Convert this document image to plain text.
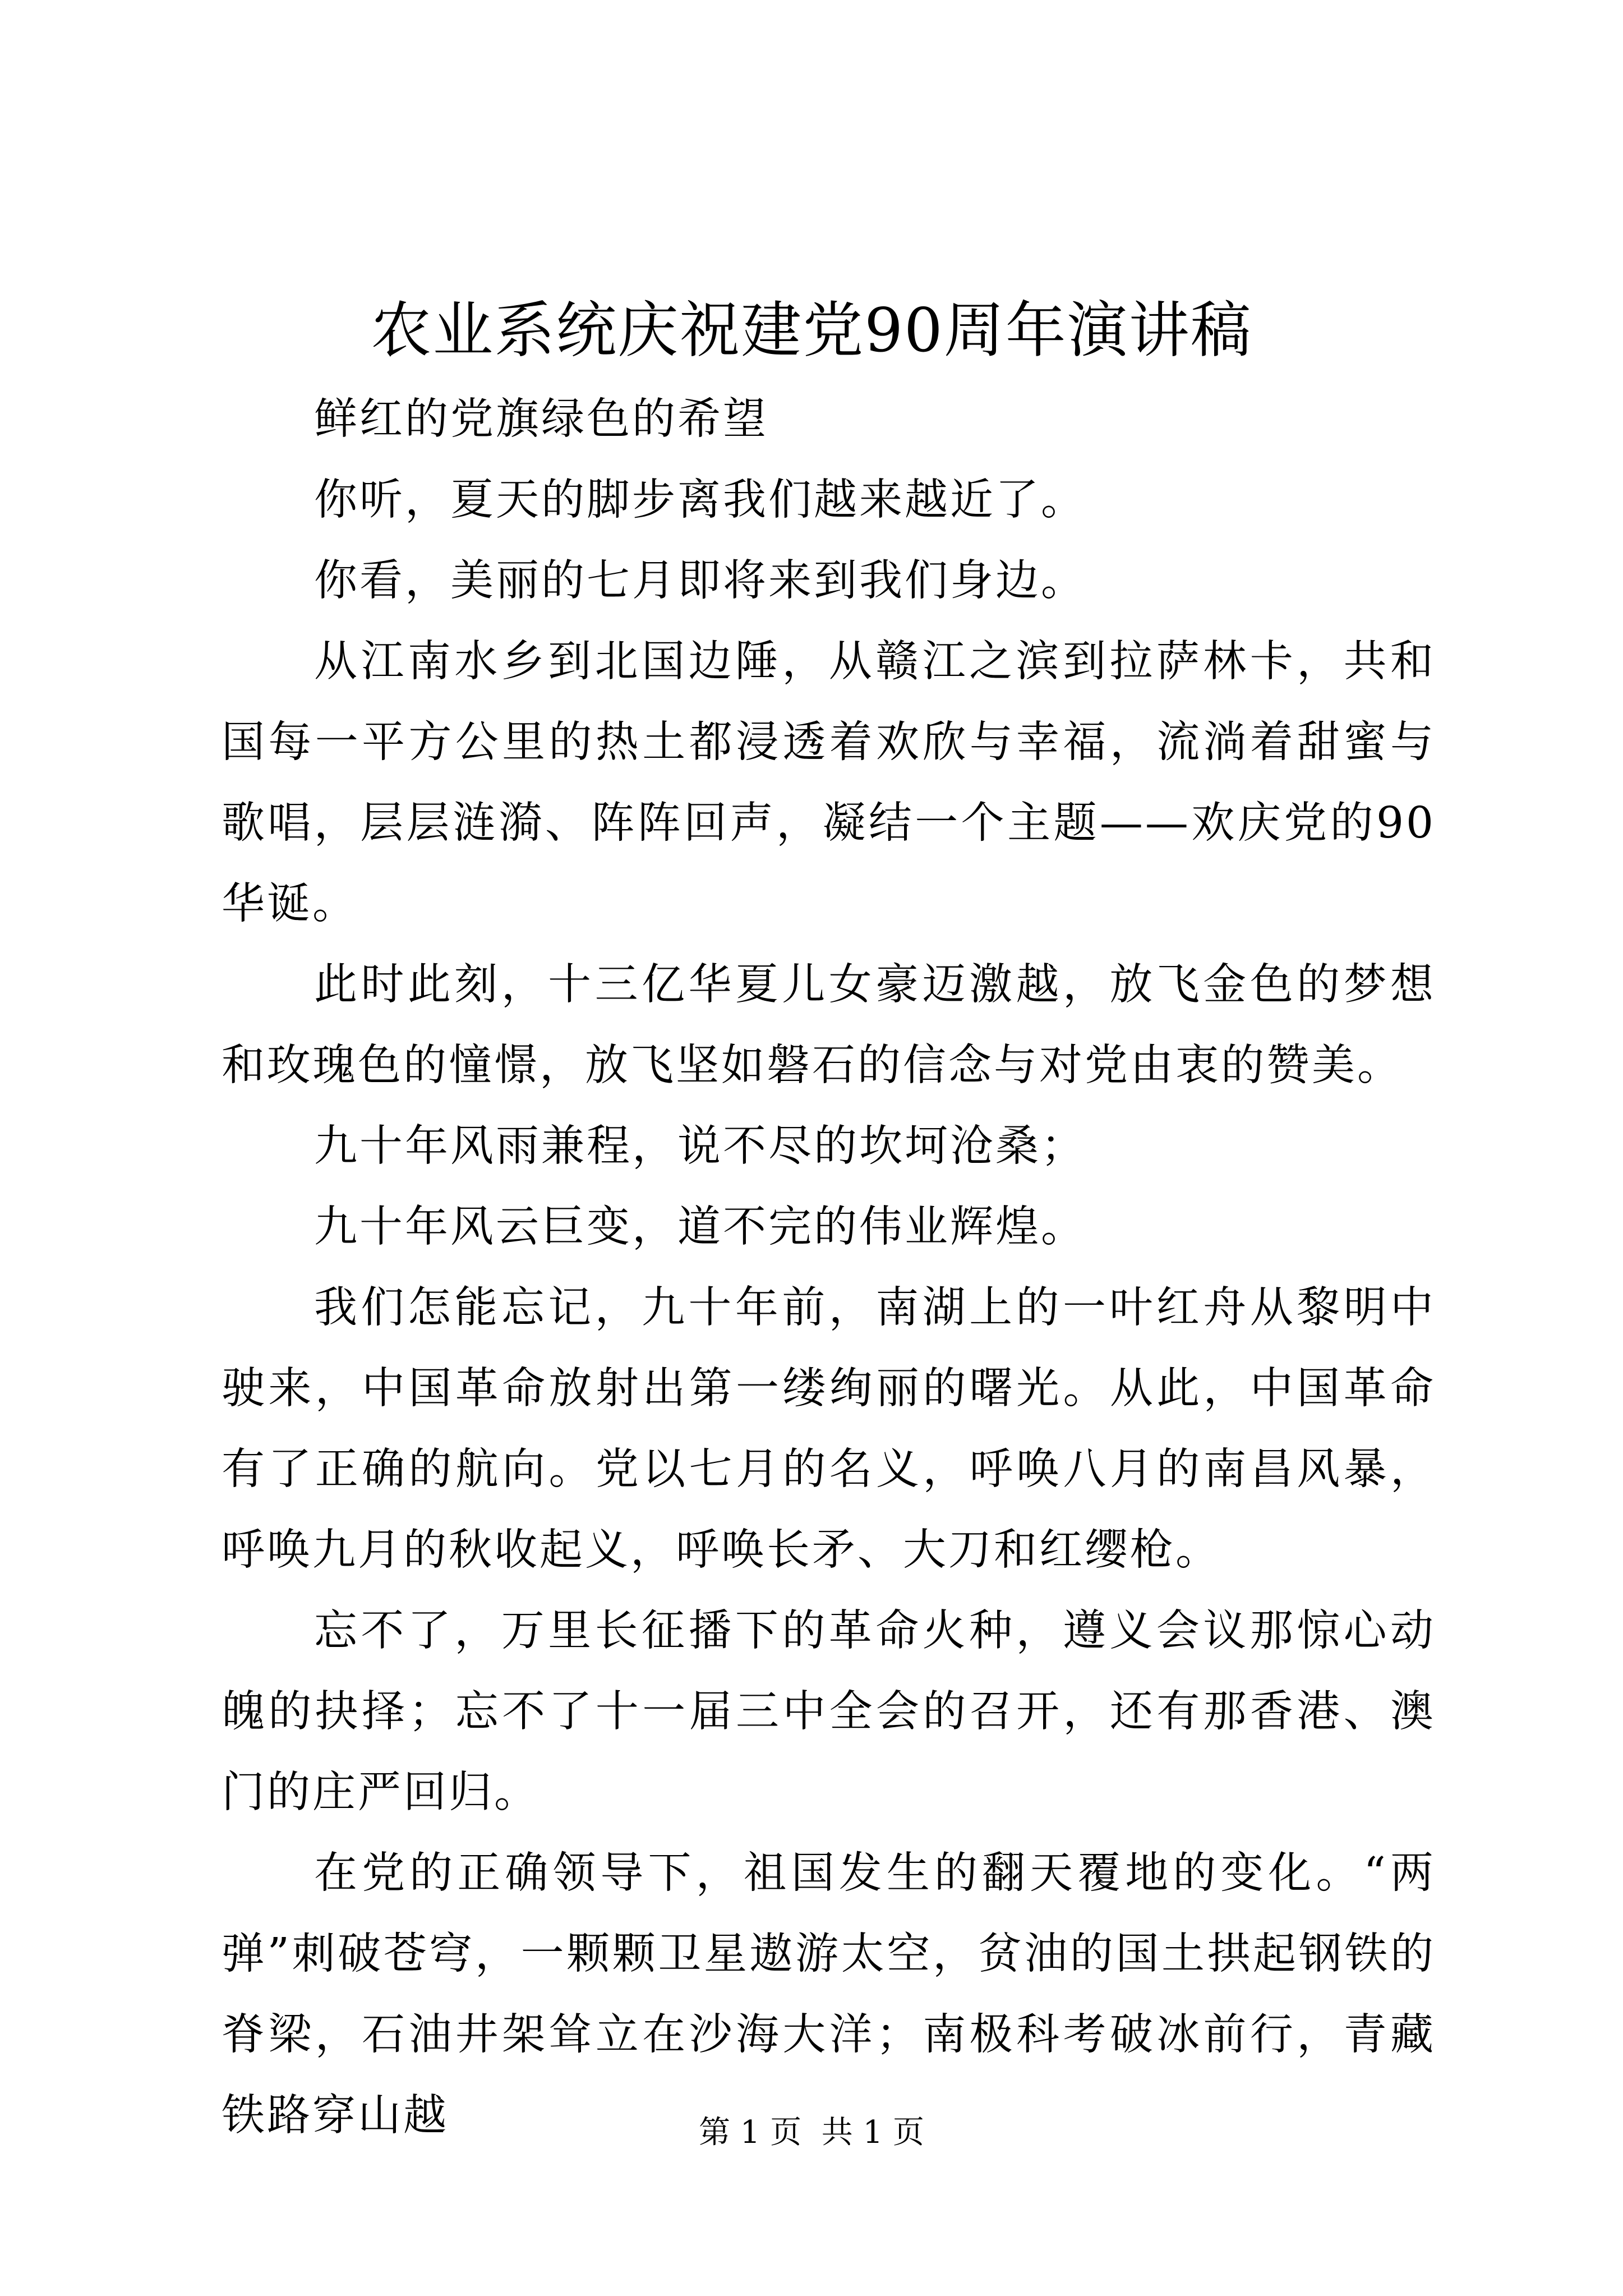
农业系统庆祝建党90周年演讲稿

鲜红的党旗绿色的希望

你听，夏天的脚步离我们越来越近了。

你看，美丽的七月即将来到我们身边。

从江南水乡到北国边陲，从赣江之滨到拉萨林卡，共和国每一平方公里的热土都浸透着欢欣与幸福，流淌着甜蜜与歌唱，层层涟漪、阵阵回声，凝结一个主题——欢庆党的90华诞。

此时此刻，十三亿华夏儿女豪迈激越，放飞金色的梦想和玫瑰色的憧憬，放飞坚如磐石的信念与对党由衷的赞美。

九十年风雨兼程，说不尽的坎坷沧桑；

九十年风云巨变，道不完的伟业辉煌。

我们怎能忘记，九十年前，南湖上的一叶红舟从黎明中驶来，中国革命放射出第一缕绚丽的曙光。从此，中国革命有了正确的航向。党以七月的名义，呼唤八月的南昌风暴，呼唤九月的秋收起义，呼唤长矛、大刀和红缨枪。

忘不了，万里长征播下的革命火种，遵义会议那惊心动魄的抉择；忘不了十一届三中全会的召开，还有那香港、澳门的庄严回归。

在党的正确领导下，祖国发生的翻天覆地的变化。“两弹”刺破苍穹，一颗颗卫星遨游太空，贫油的国土拱起钢铁的脊梁，石油井架耸立在沙海大洋；南极科考破冰前行，青藏铁路穿山越	第 1 页  共 1 页
